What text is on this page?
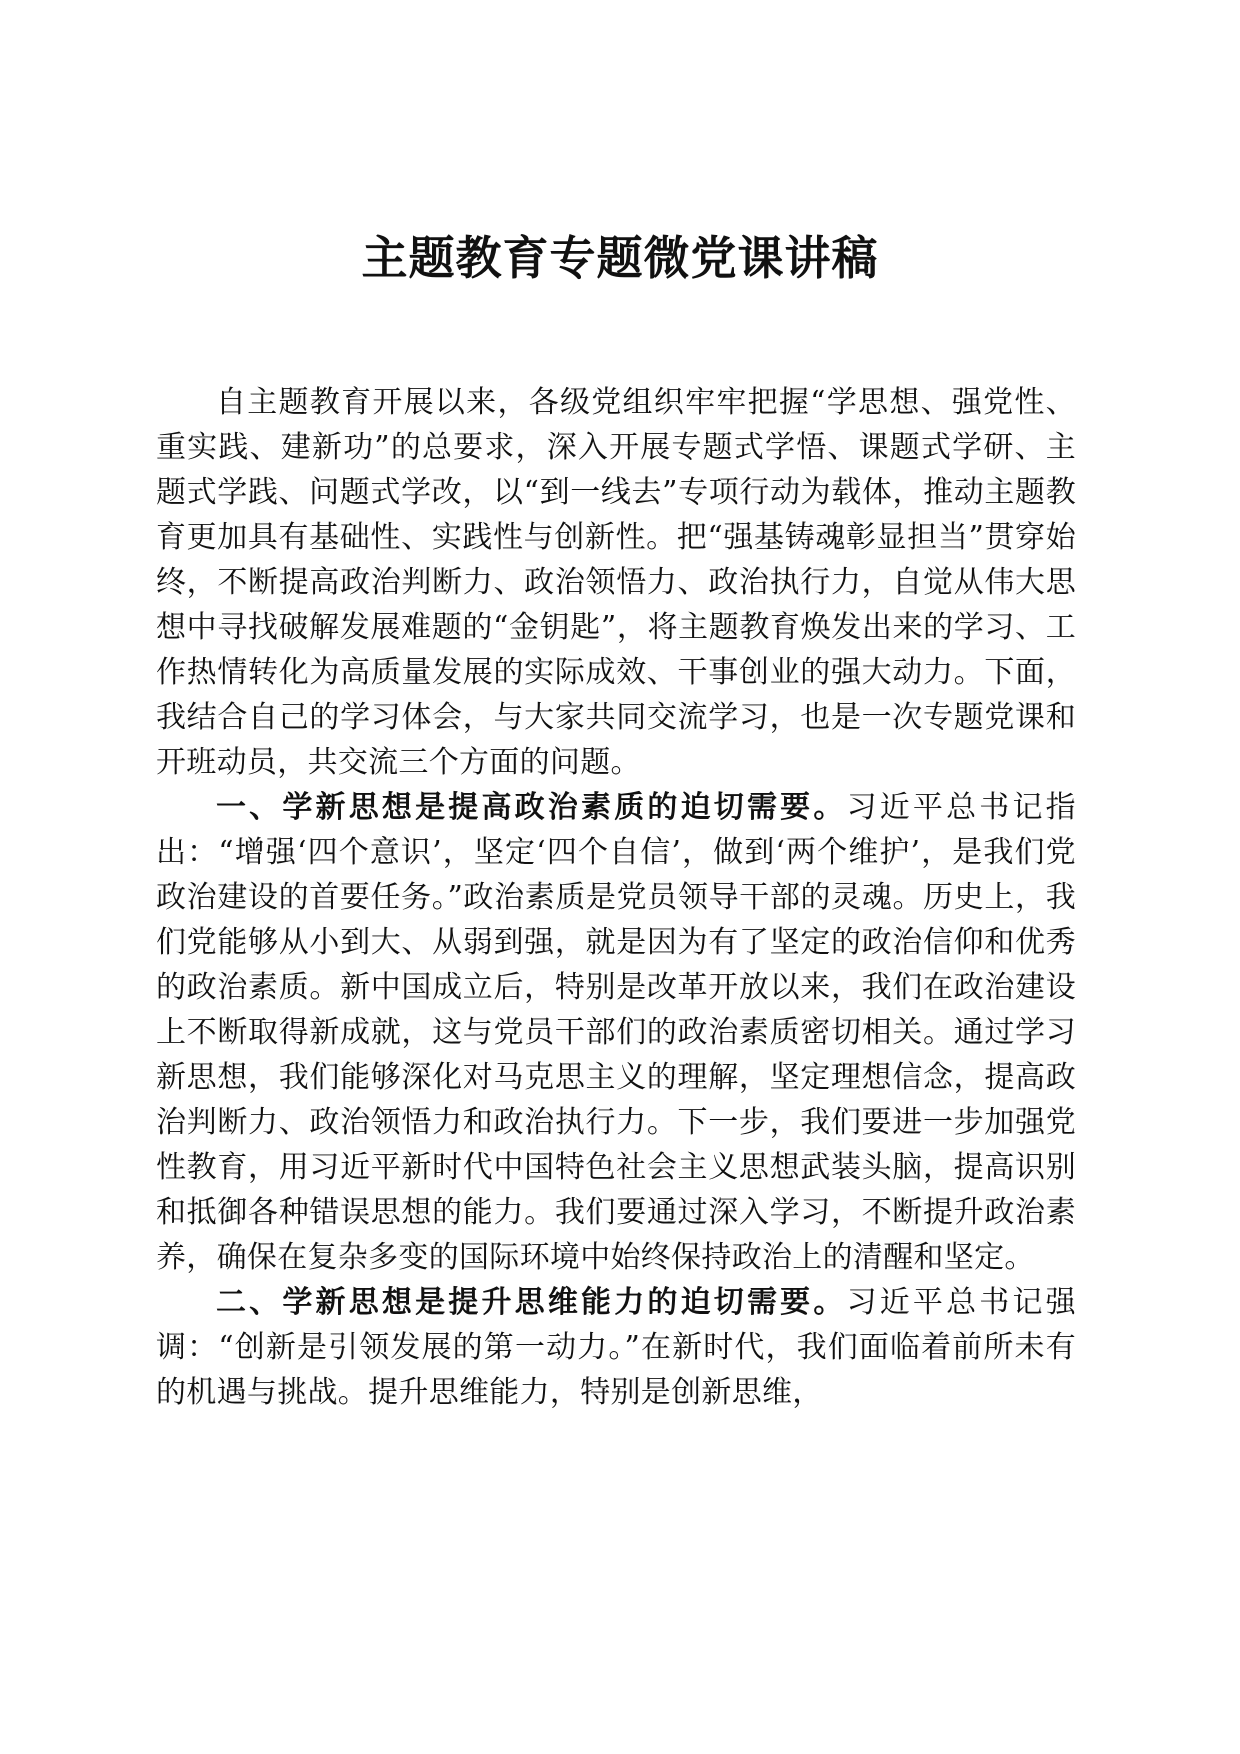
主题教育专题微党课讲稿

自主题教育开展以来，各级党组织牢牢把握“学思想、强党性、重实践、建新功”的总要求，深入开展专题式学悟、课题式学研、主题式学践、问题式学改，以“到一线去”专项行动为载体，推动主题教育更加具有基础性、实践性与创新性。把“强基铸魂彰显担当”贯穿始终，不断提高政治判断力、政治领悟力、政治执行力，自觉从伟大思想中寻找破解发展难题的“金钥匙”，将主题教育焕发出来的学习、工作热情转化为高质量发展的实际成效、干事创业的强大动力。下面，我结合自己的学习体会，与大家共同交流学习，也是一次专题党课和开班动员，共交流三个方面的问题。

一、学新思想是提高政治素质的迫切需要。习近平总书记指出：“增强‘四个意识’，坚定‘四个自信’，做到‘两个维护’，是我们党政治建设的首要任务。”政治素质是党员领导干部的灵魂。历史上，我们党能够从小到大、从弱到强，就是因为有了坚定的政治信仰和优秀的政治素质。新中国成立后，特别是改革开放以来，我们在政治建设上不断取得新成就，这与党员干部们的政治素质密切相关。通过学习新思想，我们能够深化对马克思主义的理解，坚定理想信念，提高政治判断力、政治领悟力和政治执行力。下一步，我们要进一步加强党性教育，用习近平新时代中国特色社会主义思想武装头脑，提高识别和抵御各种错误思想的能力。我们要通过深入学习，不断提升政治素养，确保在复杂多变的国际环境中始终保持政治上的清醒和坚定。

二、学新思想是提升思维能力的迫切需要。习近平总书记强调：“创新是引领发展的第一动力。”在新时代，我们面临着前所未有的机遇与挑战。提升思维能力，特别是创新思维，
